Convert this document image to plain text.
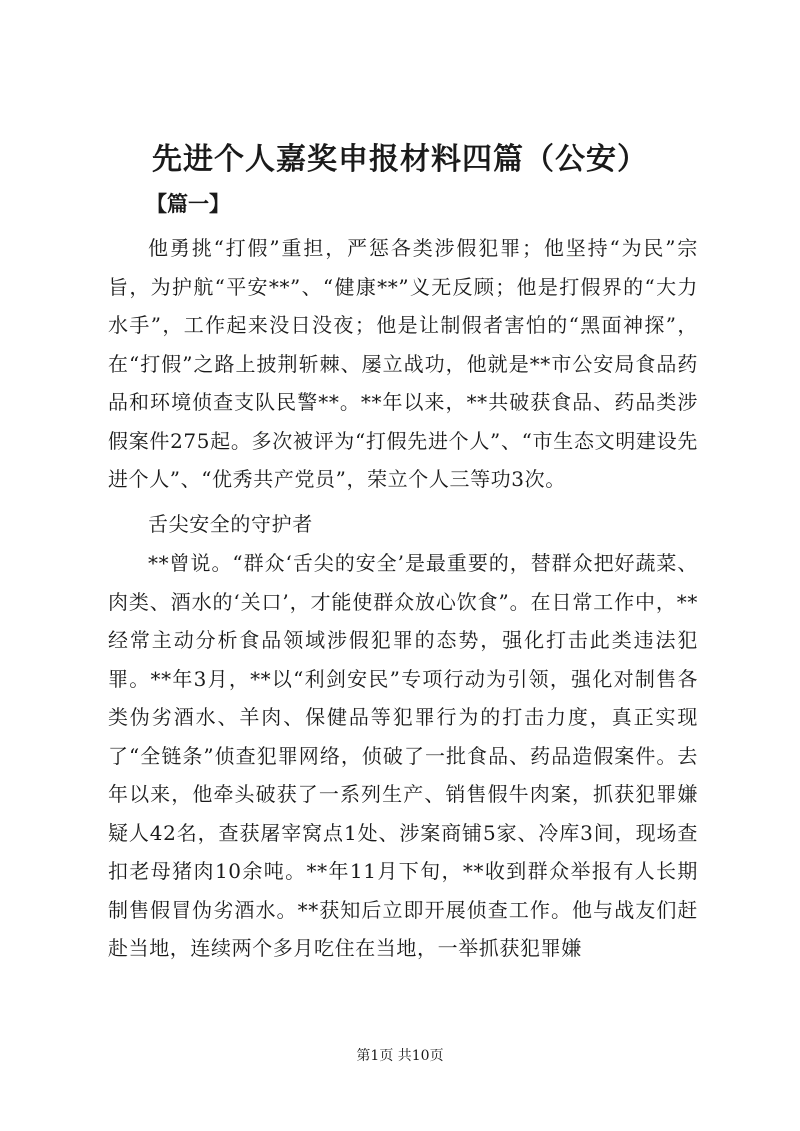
先进个人嘉奖申报材料四篇（公安）
【篇一】
他勇挑“打假”重担，严惩各类涉假犯罪；他坚持“为民”宗旨，为护航“平安**”、“健康**”义无反顾；他是打假界的“大力水手”，工作起来没日没夜；他是让制假者害怕的“黑面神探”，在“打假”之路上披荆斩棘、屡立战功，他就是**市公安局食品药品和环境侦查支队民警**。**年以来，**共破获食品、药品类涉假案件275起。多次被评为“打假先进个人”、“市生态文明建设先进个人”、“优秀共产党员”，荣立个人三等功3次。
舌尖安全的守护者
**曾说。“群众‘舌尖的安全’是最重要的，替群众把好蔬菜、肉类、酒水的‘关口’，才能使群众放心饮食”。在日常工作中，**经常主动分析食品领域涉假犯罪的态势，强化打击此类违法犯罪。**年3月，**以“利剑安民”专项行动为引领，强化对制售各类伪劣酒水、羊肉、保健品等犯罪行为的打击力度，真正实现了“全链条”侦查犯罪网络，侦破了一批食品、药品造假案件。去年以来，他牵头破获了一系列生产、销售假牛肉案，抓获犯罪嫌疑人42名，查获屠宰窝点1处、涉案商铺5家、冷库3间，现场查扣老母猪肉10余吨。**年11月下旬，**收到群众举报有人长期制售假冒伪劣酒水。**获知后立即开展侦查工作。他与战友们赶赴当地，连续两个多月吃住在当地，一举抓获犯罪嫌
第1页 共10页
